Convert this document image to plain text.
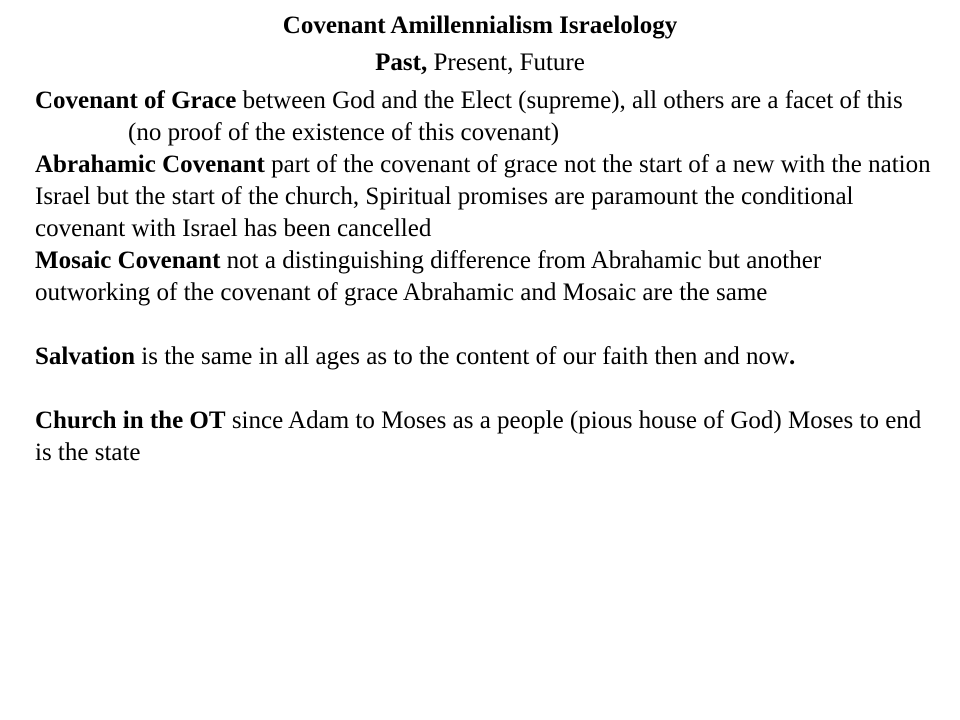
Covenant Amillennialism Israelology
Past, Present, Future

Covenant of Grace between God and the Elect (supreme), all others are a facet of this

(no proof of the existence of this covenant)

Abrahamic Covenant part of the covenant of grace not the start of a new with the nation Israel but the start of the church, Spiritual promises are paramount the conditional covenant with Israel has been cancelled

Mosaic Covenant not a distinguishing difference from Abrahamic but another outworking of the covenant of grace Abrahamic and Mosaic are the same

Salvation is the same in all ages as to the content of our faith then and now.

Church in the OT since Adam to Moses as a people (pious house of God) Moses to end is the state
